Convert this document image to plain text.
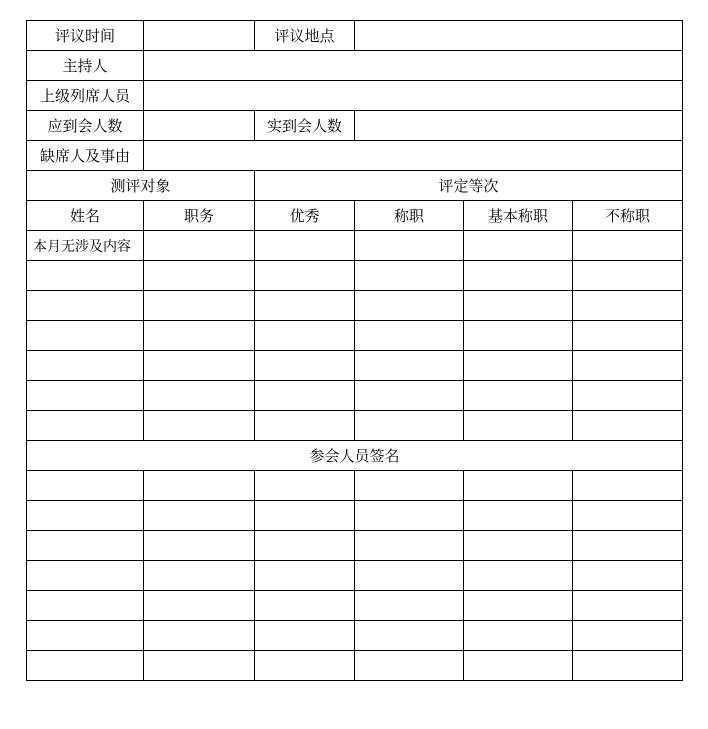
评议时间		评议地点			
主持人					
上级列席人员					
应到会人数		实到会人数			
缺席人及事由					
测评对象		评定等次			
姓名	职务	优秀	称职	基本称职	不称职
本月无涉及内容					

参会人员签名					
